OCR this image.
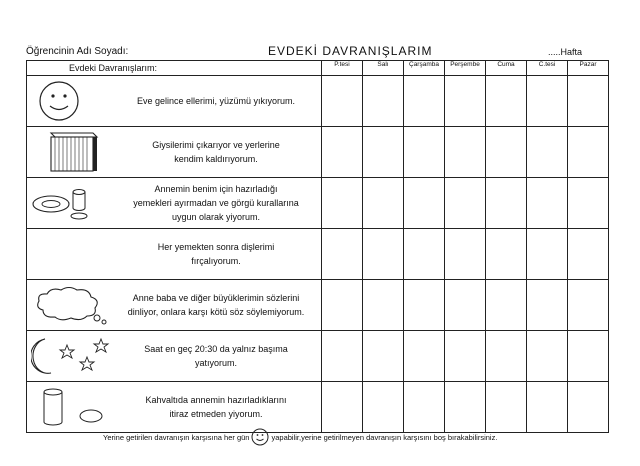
Öğrencinin Adı Soyadı:	EVDEKİ DAVRANIŞLARIM	.....Hafta
Evdeki Davranışlarım:	P.tesi	Salı	Çarşamba	Perşembe	Cuma	C.tesi	Pazar

Eve gelince ellerimi, yüzümü yıkıyorum.							

Giysilerimi çıkarıyor ve yerlerine
kendim kaldırıyorum.							

Annemin benim için hazırladığı
yemekleri ayırmadan ve görgü kurallarına
uygun olarak yiyorum.							

Her yemekten sonra dişlerimi
fırçalıyorum.							

Anne baba ve diğer büyüklerimin sözlerini
dinliyor, onlara karşı kötü söz söylemiyorum.							

Saat en geç 20:30 da yalnız başıma
yatıyorum.							

Kahvaltıda annemin hazırladıklarını
itiraz etmeden yiyorum.							

Yerine getirilen davranışın karşısına her gün	yapabilir,yerine getirilmeyen davranışın karşısını boş bırakabilirsiniz.
